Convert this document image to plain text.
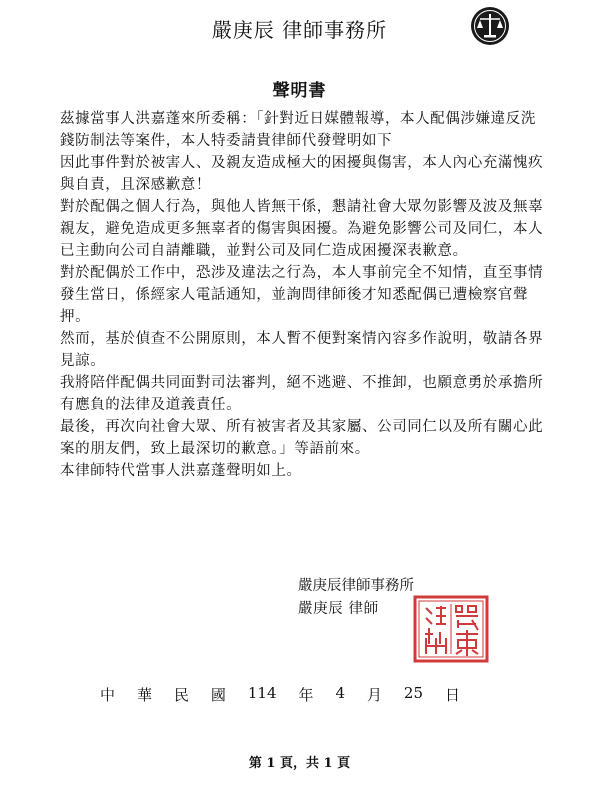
嚴庚辰 律師事務所
聲明書

茲據當事人洪嘉蓬來所委稱：「針對近日媒體報導，本人配偶涉嫌違反洗錢防制法等案件，本人特委請貴律師代發聲明如下

因此事件對於被害人、及親友造成極大的困擾與傷害，本人內心充滿愧疚與自責，且深感歉意！

對於配偶之個人行為，與他人皆無干係，懇請社會大眾勿影響及波及無辜親友，避免造成更多無辜者的傷害與困擾。為避免影響公司及同仁，本人已主動向公司自請離職，並對公司及同仁造成困擾深表歉意。

對於配偶於工作中，恐涉及違法之行為，本人事前完全不知情，直至事情發生當日，係經家人電話通知，並詢問律師後才知悉配偶已遭檢察官聲押。

然而，基於偵查不公開原則，本人暫不便對案情內容多作說明，敬請各界見諒。

我將陪伴配偶共同面對司法審判，絕不逃避、不推卸，也願意勇於承擔所有應負的法律及道義責任。

最後，再次向社會大眾、所有被害者及其家屬、公司同仁以及所有關心此案的朋友們，致上最深切的歉意。」等語前來。

本律師特代當事人洪嘉蓬聲明如上。

嚴庚辰律師事務所
嚴庚辰 律師
中 華 民 國 114 年 4 月 25 日
第 1 頁，共 1 頁
